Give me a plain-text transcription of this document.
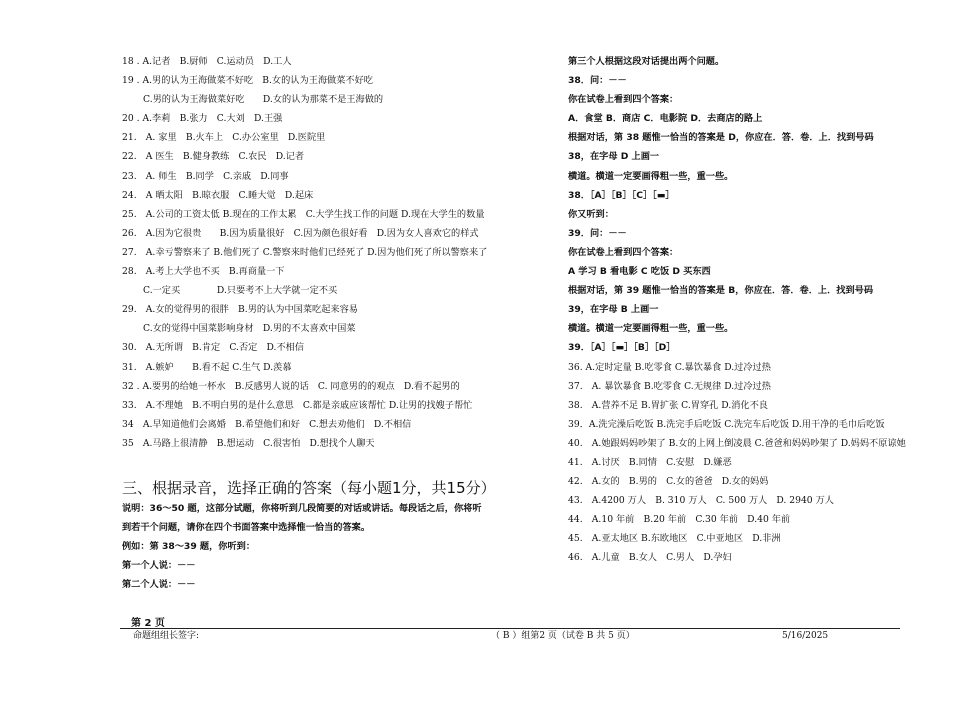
18 . A.记者　B.厨师　C.运动员　D.工人
19 . A.男的认为王海做菜不好吃　B.女的认为王海做菜不好吃
C.男的认为王海做菜好吃　　D.女的认为那菜不是王海做的
20 . A.李莉　B.张力　C.大刘　D.王强
21.　A. 家里　B.火车上　C.办公室里　D.医院里
22.　A 医生　B.健身教练　C.农民　D.记者
23.　A. 师生　B.同学　C.亲戚　D.同事
24.　A 晒太阳　B.晾衣服　C.睡大觉　D.起床
25.　A.公司的工资太低 B.现在的工作太累　C.大学生找工作的问题 D.现在大学生的数量
26.　A.因为它很贵　　B.因为质量很好　C.因为颜色很好看　D.因为女人喜欢它的样式
27.　A.幸亏警察来了 B.他们死了 C.警察来时他们已经死了 D.因为他们死了所以警察来了
28.　A.考上大学也不买　B.再商量一下
C.一定买　　　　D.只要考不上大学就一定不买
29.　A.女的觉得男的很胖　B.男的认为中国菜吃起来容易
C.女的觉得中国菜影响身材　D.男的不太喜欢中国菜
30.　A.无所谓　B.肯定　C.否定　D.不相信
31.　A.嫉妒　　B.看不起 C.生气 D.羡慕
32 . A.要男的给她一杯水　B.反感男人说的话　C. 同意男的的观点　D.看不起男的
33.　A.不理她　B.不明白男的是什么意思　C.都是亲戚应该帮忙 D.让男的找嫂子帮忙
34　A.早知道他们会离婚　B.希望他们和好　C.想去劝他们　D.不相信
35　A.马路上很清静　B.想运动　C.很害怕　D.想找个人聊天
三、根据录音，选择正确的答案（每小题1分，共15分）
说明：36～50 题，这部分试题，你将听到几段简要的对话或讲话。每段话之后，你将听
到若干个问题，请你在四个书面答案中选择惟一恰当的答案。
例如：第 38～39 题，你听到：
第一个人说：－－
第二个人说：－－
第三个人根据这段对话提出两个问题。
38．问：－－
你在试卷上看到四个答案：
A．食堂 B．商店 C．电影院 D．去商店的路上
根据对话，第 38 题惟一恰当的答案是 D，你应在．答．卷．上．找到号码
38，在字母 D 上画一
横道。横道一定要画得粗一些，重一些。
38．［A］［B］［C］［▬］
你又听到：
39．问：－－
你在试卷上看到四个答案：
A 学习 B 看电影 C 吃饭 D 买东西
根据对话，第 39 题惟一恰当的答案是 B，你应在．答．卷．上．找到号码
39，在字母 B 上画一
横道。横道一定要画得粗一些，重一些。
39．［A］［▬］［B］［D］
36. A.定时定量 B.吃零食 C.暴饮暴食 D.过冷过热
37.　A. 暴饮暴食 B.吃零食 C.无规律 D.过冷过热
38.　A.营养不足 B.胃扩张 C.胃穿孔 D.消化不良
39．A.洗完澡后吃饭 B.洗完手后吃饭 C.洗完车后吃饭 D.用干净的毛巾后吃饭
40.　A.她跟妈妈吵架了 B.女的上网上倒凌晨 C.爸爸和妈妈吵架了 D.妈妈不原谅她
41.　A.讨厌　B.同情　C.安慰　D.嫌恶
42.　A.女的　B.男的　C.女的爸爸　D.女的妈妈
43.　A.4200 万人　B. 310 万人　C. 500 万人　D. 2940 万人
44.　A.10 年前　B.20 年前　C.30 年前　D.40 年前
45.　A.亚太地区 B.东欧地区　C.中亚地区　D.非洲
46.　A.儿童　B.女人　C.男人　D.孕妇
第 2 页
命题组组长签字:	（ B ）组第2 页（试卷 B 共 5 页）	5/16/2025
